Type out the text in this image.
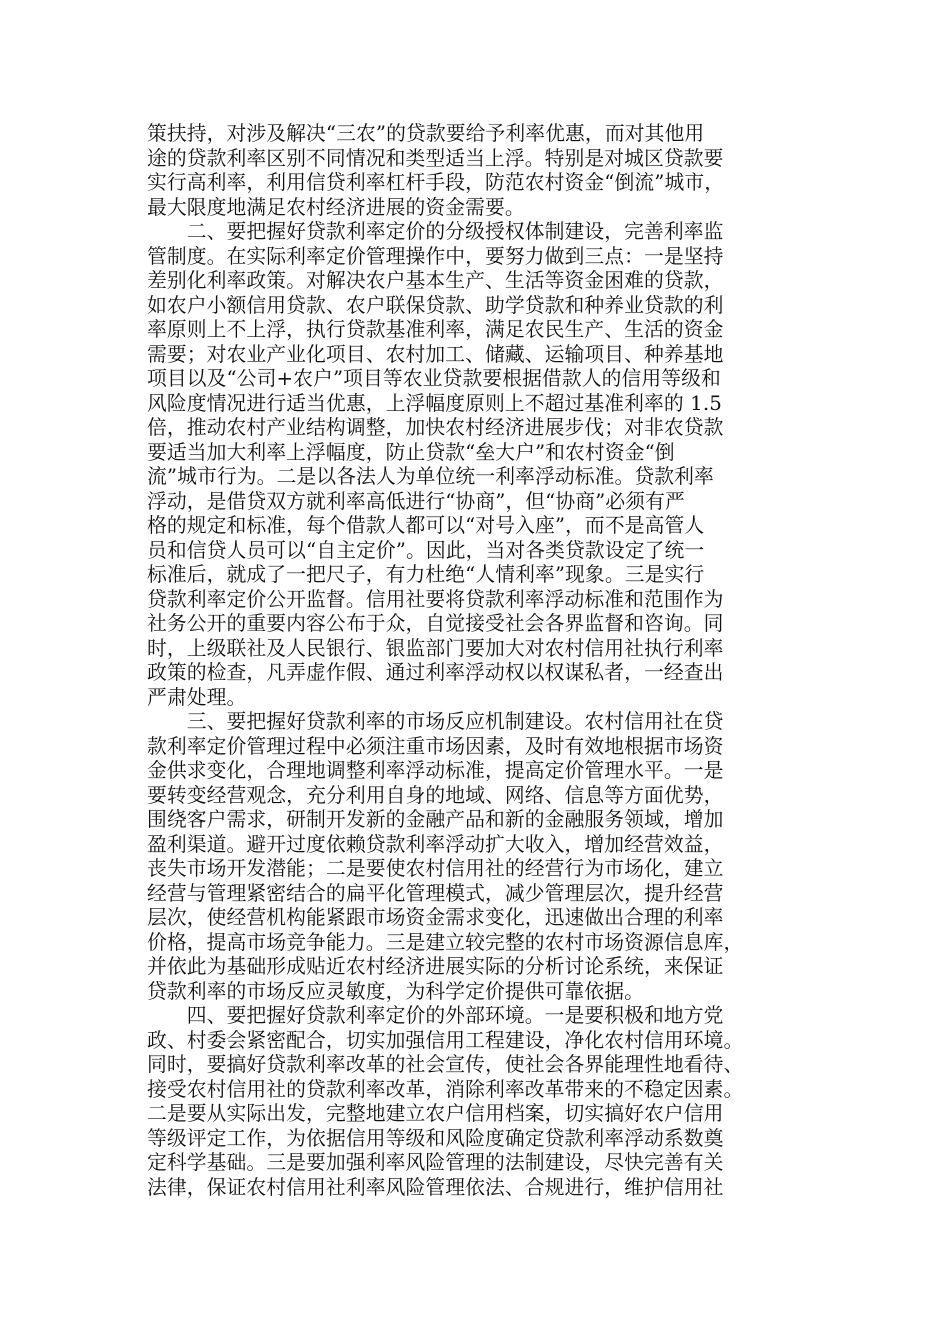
策扶持，对涉及解决“三农”的贷款要给予利率优惠，而对其他用
途的贷款利率区别不同情况和类型适当上浮。特别是对城区贷款要
实行高利率，利用信贷利率杠杆手段，防范农村资金“倒流”城市，
最大限度地满足农村经济进展的资金需要。
　　二、要把握好贷款利率定价的分级授权体制建设，完善利率监
管制度。在实际利率定价管理操作中，要努力做到三点：一是坚持
差别化利率政策。对解决农户基本生产、生活等资金困难的贷款，
如农户小额信用贷款、农户联保贷款、助学贷款和种养业贷款的利
率原则上不上浮，执行贷款基准利率，满足农民生产、生活的资金
需要；对农业产业化项目、农村加工、储藏、运输项目、种养基地
项目以及“公司+农户”项目等农业贷款要根据借款人的信用等级和
风险度情况进行适当优惠，上浮幅度原则上不超过基准利率的 1.5
倍，推动农村产业结构调整，加快农村经济进展步伐；对非农贷款
要适当加大利率上浮幅度，防止贷款“垒大户”和农村资金“倒
流”城市行为。二是以各法人为单位统一利率浮动标准。贷款利率
浮动，是借贷双方就利率高低进行“协商”，但“协商”必须有严
格的规定和标准，每个借款人都可以“对号入座”，而不是高管人
员和信贷人员可以“自主定价”。因此，当对各类贷款设定了统一
标准后，就成了一把尺子，有力杜绝“人情利率”现象。三是实行
贷款利率定价公开监督。信用社要将贷款利率浮动标准和范围作为
社务公开的重要内容公布于众，自觉接受社会各界监督和咨询。同
时，上级联社及人民银行、银监部门要加大对农村信用社执行利率
政策的检查，凡弄虚作假、通过利率浮动权以权谋私者，一经查出
严肃处理。
　　三、要把握好贷款利率的市场反应机制建设。农村信用社在贷
款利率定价管理过程中必须注重市场因素，及时有效地根据市场资
金供求变化，合理地调整利率浮动标准，提高定价管理水平。一是
要转变经营观念，充分利用自身的地域、网络、信息等方面优势，
围绕客户需求，研制开发新的金融产品和新的金融服务领域，增加
盈利渠道。避开过度依赖贷款利率浮动扩大收入，增加经营效益，
丧失市场开发潜能；二是要使农村信用社的经营行为市场化，建立
经营与管理紧密结合的扁平化管理模式，减少管理层次，提升经营
层次，使经营机构能紧跟市场资金需求变化，迅速做出合理的利率
价格，提高市场竞争能力。三是建立较完整的农村市场资源信息库，
并依此为基础形成贴近农村经济进展实际的分析讨论系统，来保证
贷款利率的市场反应灵敏度，为科学定价提供可靠依据。
　　四、要把握好贷款利率定价的外部环境。一是要积极和地方党
政、村委会紧密配合，切实加强信用工程建设，净化农村信用环境。
同时，要搞好贷款利率改革的社会宣传，使社会各界能理性地看待、
接受农村信用社的贷款利率改革，消除利率改革带来的不稳定因素。
二是要从实际出发，完整地建立农户信用档案，切实搞好农户信用
等级评定工作，为依据信用等级和风险度确定贷款利率浮动系数奠
定科学基础。三是要加强利率风险管理的法制建设，尽快完善有关
法律，保证农村信用社利率风险管理依法、合规进行，维护信用社
